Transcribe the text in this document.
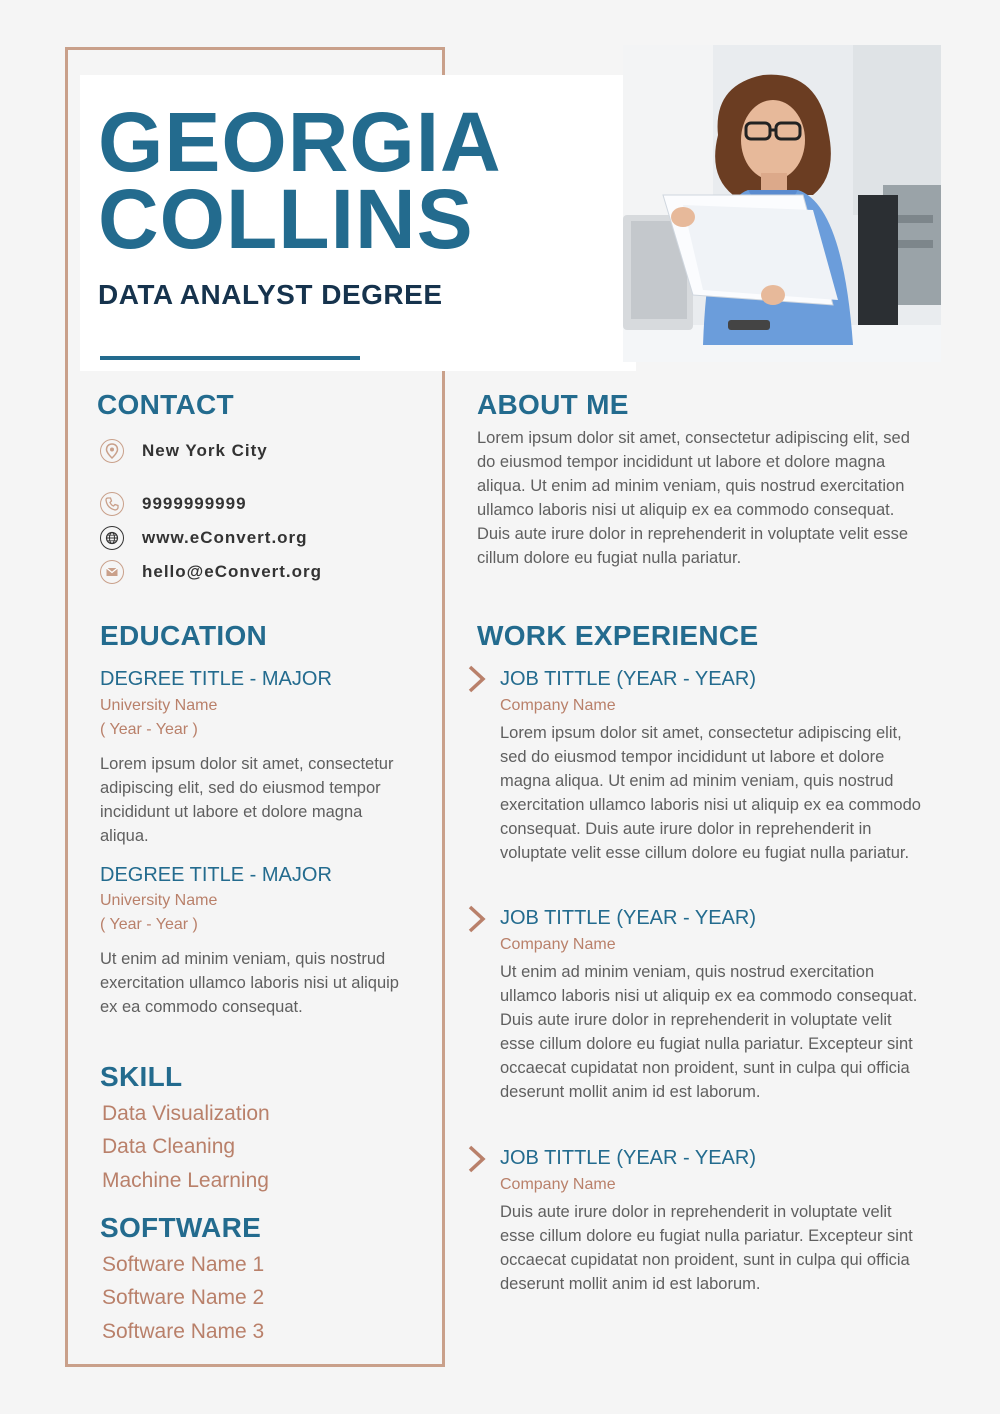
GEORGIA
COLLINS
DATA ANALYST DEGREE
CONTACT
New York City
9999999999
www.eConvert.org
hello@eConvert.org
EDUCATION
DEGREE TITLE - MAJOR
University Name
( Year - Year )
Lorem ipsum dolor sit amet, consectetur
adipiscing elit, sed do eiusmod tempor
incididunt ut labore et dolore magna
aliqua.
DEGREE TITLE - MAJOR
University Name
( Year - Year )
Ut enim ad minim veniam, quis nostrud
exercitation ullamco laboris nisi ut aliquip
ex ea commodo consequat.
SKILL
Data Visualization
Data Cleaning
Machine Learning
SOFTWARE
Software Name 1
Software Name 2
Software Name 3
ABOUT ME
Lorem ipsum dolor sit amet, consectetur adipiscing elit, sed
do eiusmod tempor incididunt ut labore et dolore magna
aliqua. Ut enim ad minim veniam, quis nostrud exercitation
ullamco laboris nisi ut aliquip ex ea commodo consequat.
Duis aute irure dolor in reprehenderit in voluptate velit esse
cillum dolore eu fugiat nulla pariatur.
WORK EXPERIENCE
JOB TITTLE (YEAR - YEAR)
Company Name
Lorem ipsum dolor sit amet, consectetur adipiscing elit,
sed do eiusmod tempor incididunt ut labore et dolore
magna aliqua. Ut enim ad minim veniam, quis nostrud
exercitation ullamco laboris nisi ut aliquip ex ea commodo
consequat. Duis aute irure dolor in reprehenderit in
voluptate velit esse cillum dolore eu fugiat nulla pariatur.
JOB TITTLE (YEAR - YEAR)
Company Name
Ut enim ad minim veniam, quis nostrud exercitation
ullamco laboris nisi ut aliquip ex ea commodo consequat.
Duis aute irure dolor in reprehenderit in voluptate velit
esse cillum dolore eu fugiat nulla pariatur. Excepteur sint
occaecat cupidatat non proident, sunt in culpa qui officia
deserunt mollit anim id est laborum.
JOB TITTLE (YEAR - YEAR)
Company Name
Duis aute irure dolor in reprehenderit in voluptate velit
esse cillum dolore eu fugiat nulla pariatur. Excepteur sint
occaecat cupidatat non proident, sunt in culpa qui officia
deserunt mollit anim id est laborum.
